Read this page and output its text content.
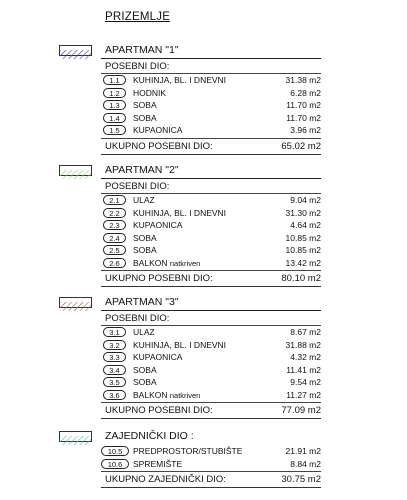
PRIZEMLJE
APARTMAN "1"
POSEBNI DIO:
1.1	KUHINJA, BL. I DNEVNI	31.38 m2
1.2	HODNIK	6.28 m2
1.3	SOBA	11.70 m2
1.4	SOBA	11.70 m2
1.5	KUPAONICA	3.96 m2
UKUPNO POSEBNI DIO:	65.02 m2
APARTMAN "2"
POSEBNI DIO:
2.1	ULAZ	9.04 m2
2.2	KUHINJA, BL. I DNEVNI	31.30 m2
2.3	KUPAONICA	4.64 m2
2.4	SOBA	10.85 m2
2.5	SOBA	10.85 m2
2.6	BALKON natkriven	13.42 m2
UKUPNO POSEBNI DIO:	80.10 m2
APARTMAN "3"
POSEBNI DIO:
3.1	ULAZ	8.67 m2
3.2	KUHINJA, BL. I DNEVNI	31.88 m2
3.3	KUPAONICA	4.32 m2
3.4	SOBA	11.41 m2
3.5	SOBA	9.54 m2
3.6	BALKON natkriven	11.27 m2
UKUPNO POSEBNI DIO:	77.09 m2
ZAJEDNIČKI DIO :
10.5	PREDPROSTOR/STUBIŠTE	21.91 m2
10.6	SPREMIŠTE	8.84 m2
UKUPNO ZAJEDNIČKI DIO:	30.75 m2
